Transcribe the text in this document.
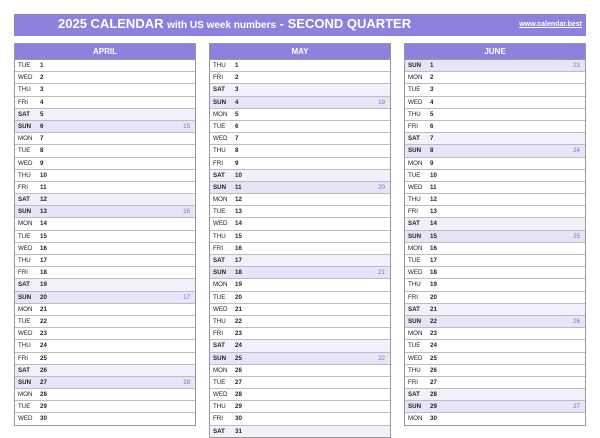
2025 CALENDAR with US week numbers - SECOND QUARTER	www.calendar.best
APRIL
TUE	1
WED	2
THU	3
FRI	4
SAT	5
SUN	6	15
MON	7
TUE	8
WED	9
THU	10
FRI	11
SAT	12
SUN	13	16
MON	14
TUE	15
WED	16
THU	17
FRI	18
SAT	19
SUN	20	17
MON	21
TUE	22
WED	23
THU	24
FRI	25
SAT	26
SUN	27	18
MON	28
TUE	29
WED	30
MAY
THU	1
FRI	2
SAT	3
SUN	4	19
MON	5
TUE	6
WED	7
THU	8
FRI	9
SAT	10
SUN	11	20
MON	12
TUE	13
WED	14
THU	15
FRI	16
SAT	17
SUN	18	21
MON	19
TUE	20
WED	21
THU	22
FRI	23
SAT	24
SUN	25	22
MON	26
TUE	27
WED	28
THU	29
FRI	30
SAT	31
JUNE
SUN	1	23
MON	2
TUE	3
WED	4
THU	5
FRI	6
SAT	7
SUN	8	24
MON	9
TUE	10
WED	11
THU	12
FRI	13
SAT	14
SUN	15	25
MON	16
TUE	17
WED	18
THU	19
FRI	20
SAT	21
SUN	22	26
MON	23
TUE	24
WED	25
THU	26
FRI	27
SAT	28
SUN	29	27
MON	30
